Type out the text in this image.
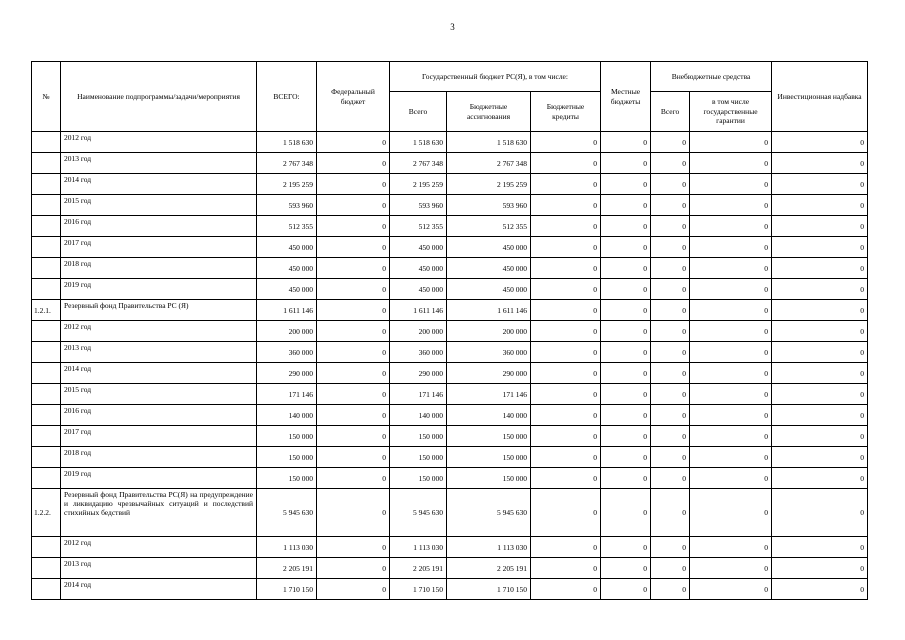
3
№	Наименование подпрограммы/задачи/мероприятия	ВСЕГО:	Федеральный бюджет	Государственный бюджет РС(Я), в том числе:			Местные бюджеты	Внебюджетные средства		Инвестиционная надбавка
				Всего	Бюджетные ассигнования	Бюджетные кредиты		Всего	в том числе государственные гарантии	
	2012 год	1 518 630	0	1 518 630	1 518 630	0	0	0	0	0
	2013 год	2 767 348	0	2 767 348	2 767 348	0	0	0	0	0
	2014 год	2 195 259	0	2 195 259	2 195 259	0	0	0	0	0
	2015 год	593 960	0	593 960	593 960	0	0	0	0	0
	2016 год	512 355	0	512 355	512 355	0	0	0	0	0
	2017 год	450 000	0	450 000	450 000	0	0	0	0	0
	2018 год	450 000	0	450 000	450 000	0	0	0	0	0
	2019 год	450 000	0	450 000	450 000	0	0	0	0	0
1.2.1.	Резервный фонд Правительства РС (Я)	1 611 146	0	1 611 146	1 611 146	0	0	0	0	0
	2012 год	200 000	0	200 000	200 000	0	0	0	0	0
	2013 год	360 000	0	360 000	360 000	0	0	0	0	0
	2014 год	290 000	0	290 000	290 000	0	0	0	0	0
	2015 год	171 146	0	171 146	171 146	0	0	0	0	0
	2016 год	140 000	0	140 000	140 000	0	0	0	0	0
	2017 год	150 000	0	150 000	150 000	0	0	0	0	0
	2018 год	150 000	0	150 000	150 000	0	0	0	0	0
	2019 год	150 000	0	150 000	150 000	0	0	0	0	0
1.2.2.	Резервный фонд Правительства РС(Я) на предупреждение и ликвидацию чрезвычайных ситуаций и последствий стихийных бедствий	5 945 630	0	5 945 630	5 945 630	0	0	0	0	0
	2012 год	1 113 030	0	1 113 030	1 113 030	0	0	0	0	0
	2013 год	2 205 191	0	2 205 191	2 205 191	0	0	0	0	0
	2014 год	1 710 150	0	1 710 150	1 710 150	0	0	0	0	0
